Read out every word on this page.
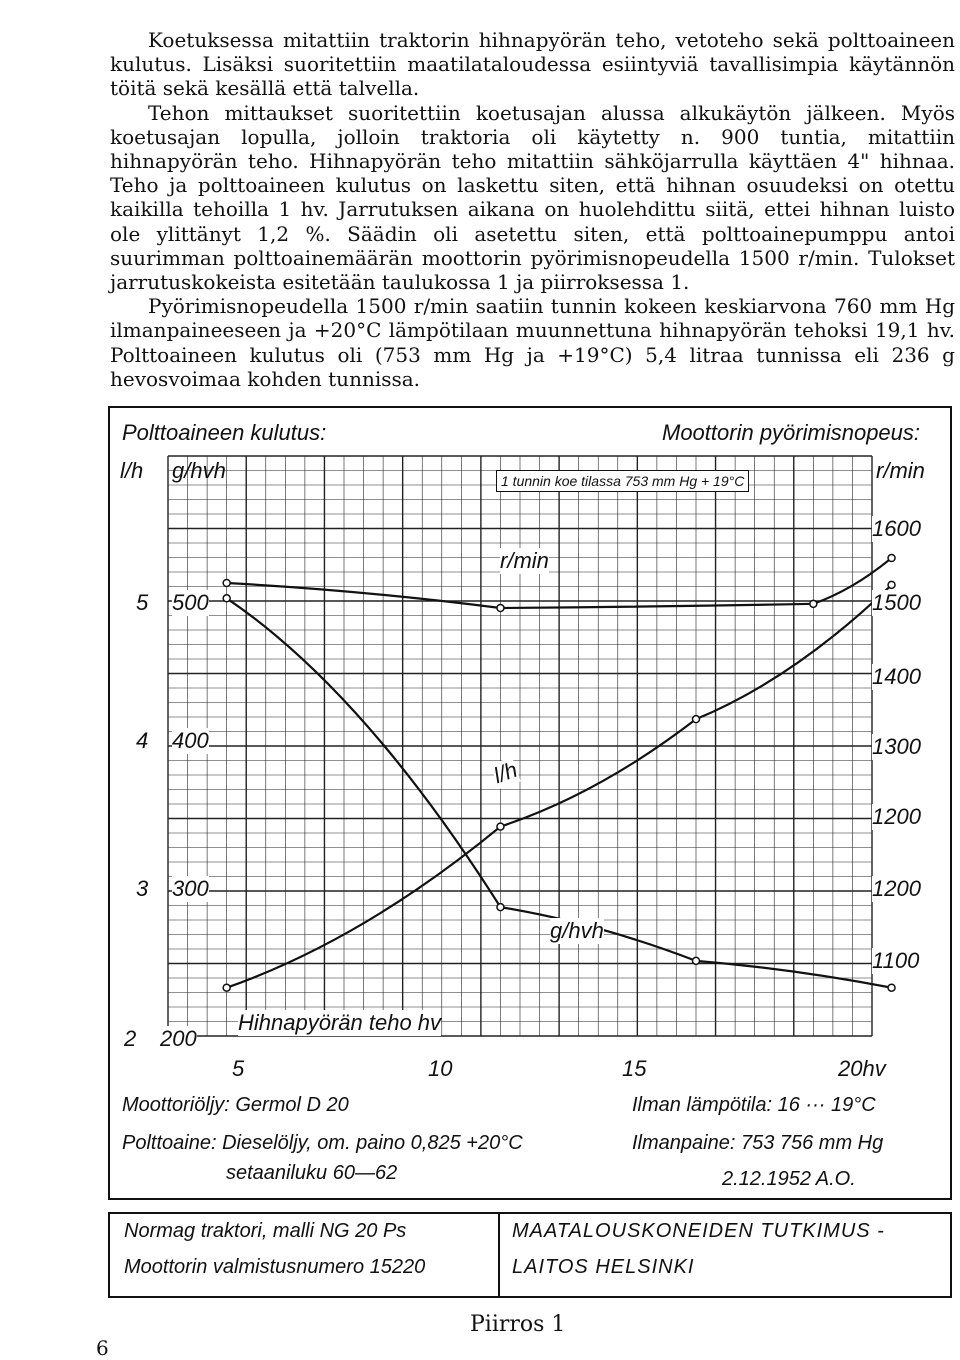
Koetuksessa mitattiin traktorin hihnapyörän teho, vetoteho sekä polttoaineen kulutus. Lisäksi suoritettiin maatilataloudessa esiintyviä tavallisimpia käytännön töitä sekä kesällä että talvella.

Tehon mittaukset suoritettiin koetusajan alussa alkukäytön jälkeen. Myös koetusajan lopulla, jolloin traktoria oli käytetty n. 900 tuntia, mitattiin hihnapyörän teho. Hihnapyörän teho mitattiin sähköjarrulla käyttäen 4" hihnaa. Teho ja polttoaineen kulutus on laskettu siten, että hihnan osuudeksi on otettu kaikilla tehoilla 1 hv. Jarrutuksen aikana on huolehdittu siitä, ettei hihnan luisto ole ylittänyt 1,2 %. Säädin oli asetettu siten, että polttoainepumppu antoi suurimman polttoainemäärän moottorin pyörimisnopeudella 1500 r/min. Tulokset jarrutuskokeista esitetään taulukossa 1 ja piirroksessa 1.

Pyörimisnopeudella 1500 r/min saatiin tunnin kokeen keskiarvona 760 mm Hg ilmanpaineeseen ja +20°C lämpötilaan muunnettuna hihnapyörän tehoksi 19,1 hv. Polttoaineen kulutus oli (753 mm Hg ja +19°C) 5,4 litraa tunnissa eli 236 g hevosvoimaa kohden tunnissa.

Polttoaineen kulutus:	Moottorin pyörimisnopeus:
l/h g/hvh	r/min
1 tunnin koe tilassa 753 mm Hg + 19°C
r/min
l/h
g/hvh
Hihnapyörän teho hv
5
4
3
2
500
400
300
200
1600
1500
1400
1300
1200
1200
1100
5	10	15	20hv
Moottoriöljy: Germol D 20
Polttoaine: Dieselöljy, om. paino 0,825 +20°C
setaaniluku 60—62
Ilman lämpötila: 16 ··· 19°C
Ilmanpaine: 753 756 mm Hg
2.12.1952 A.O.
Normag traktori, malli NG 20 Ps
Moottorin valmistusnumero 15220
MAATALOUSKONEIDEN TUTKIMUS -
LAITOS HELSINKI
Piirros 1
6
